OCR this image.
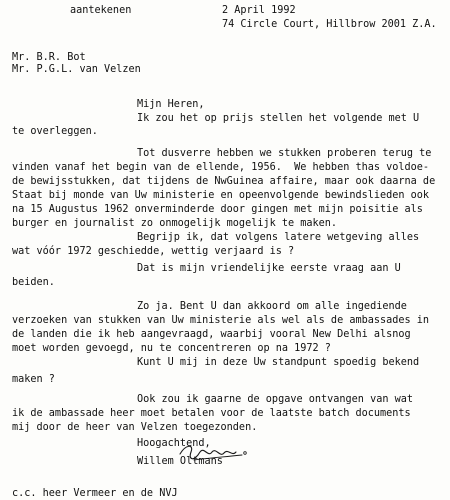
aantekenen	2 April 1992
74 Circle Court, Hillbrow 2001 Z.A.
Mr. B.R. Bot
Mr. P.G.L. van Velzen
Mijn Heren,
Ik zou het op prijs stellen het volgende met U
te overleggen.
Tot dusverre hebben we stukken proberen terug te
vinden vanaf het begin van de ellende, 1956.  We hebben thas voldoe-
de bewijsstukken, dat tijdens de NwGuinea affaire, maar ook daarna de
Staat bij monde van Uw ministerie en opeenvolgende bewindslieden ook
na 15 Augustus 1962 onverminderde door gingen met mijn poisitie als
burger en journalist zo onmogelijk mogelijk te maken.
Begrijp ik, dat volgens latere wetgeving alles
wat vóór 1972 geschiedde, wettig verjaard is ?
Dat is mijn vriendelijke eerste vraag aan U
beiden.
Zo ja. Bent U dan akkoord om alle ingediende
verzoeken van stukken van Uw ministerie als wel als de ambassades in
de landen die ik heb aangevraagd, waarbij vooral New Delhi alsnog
moet worden gevoegd, nu te concentreren op na 1972 ?
Kunt U mij in deze Uw standpunt spoedig bekend
maken ?
Ook zou ik gaarne de opgave ontvangen van wat
ik de ambassade heer moet betalen voor de laatste batch documents
mij door de heer van Velzen toegezonden.
Hoogachtend,
Willem Oltmans
c.c. heer Vermeer en de NVJ
